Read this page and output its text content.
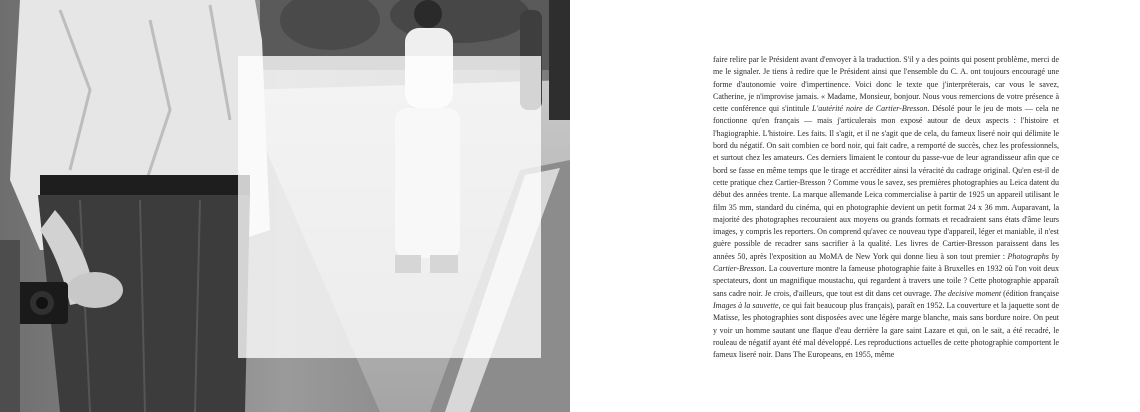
faire relire par le Président avant d'envoyer à la traduction. S'il y a des points qui posent problème, merci de me le signaler. Je tiens à redire que le Président ainsi que l'ensemble du C. A. ont toujours encouragé une forme d'autonomie voire d'impertinence. Voici donc le texte que j'interpréterais, car vous le savez, Catherine, je n'improvise jamais. « Madame, Monsieur, bonjour. Nous vous remercions de votre présence à cette conférence qui s'intitule L'autérité noire de Cartier-Bresson. Désolé pour le jeu de mots — cela ne fonctionne qu'en français — mais j'articulerais mon exposé autour de deux aspects : l'histoire et l'hagiographie. L'histoire. Les faits. Il s'agit, et il ne s'agit que de cela, du fameux liseré noir qui délimite le bord du négatif. On sait combien ce bord noir, qui fait cadre, a remporté de succès, chez les professionnels, et surtout chez les amateurs. Ces derniers limaient le contour du passe-vue de leur agrandisseur afin que ce bord se fasse en même temps que le tirage et accréditer ainsi la véracité du cadrage original. Qu'en est-il de cette pratique chez Cartier-Bresson ? Comme vous le savez, ses premières photographies au Leica datent du début des années trente. La marque allemande Leica commercialise à partir de 1925 un appareil utilisant le film 35 mm, standard du cinéma, qui en photographie devient un petit format 24 x 36 mm. Auparavant, la majorité des photographes recouraient aux moyens ou grands formats et recadraient sans états d'âme leurs images, y compris les reporters. On comprend qu'avec ce nouveau type d'appareil, léger et maniable, il n'est guère possible de recadrer sans sacrifier à la qualité. Les livres de Cartier-Bresson paraissent dans les années 50, après l'exposition au MoMA de New York qui donne lieu à son tout premier : Photographs by Cartier-Bresson. La couverture montre la fameuse photographie faite à Bruxelles en 1932 où l'on voit deux spectateurs, dont un magnifique moustachu, qui regardent à travers une toile ? Cette photographie apparaît sans cadre noir. Je crois, d'ailleurs, que tout est dit dans cet ouvrage. The decisive moment (édition française Images à la sauvette, ce qui fait beaucoup plus français), paraît en 1952. La couverture et la jaquette sont de Matisse, les photographies sont disposées avec une légère marge blanche, mais sans bordure noire. On peut y voir un homme sautant une flaque d'eau derrière la gare saint Lazare et qui, on le sait, a été recadré, le rouleau de négatif ayant été mal développé. Les reproductions actuelles de cette photographie comportent le fameux liseré noir. Dans The Europeans, en 1955, même
